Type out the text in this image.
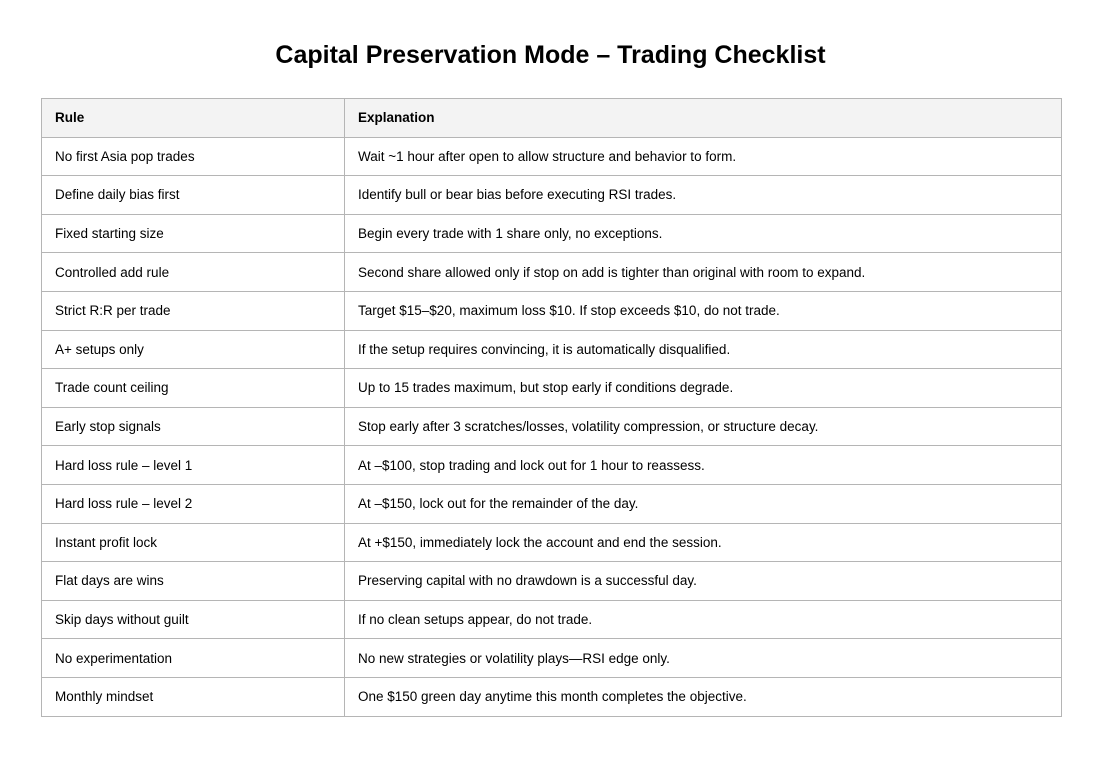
Capital Preservation Mode – Trading Checklist
Rule	Explanation
No first Asia pop trades	Wait ~1 hour after open to allow structure and behavior to form.
Define daily bias first	Identify bull or bear bias before executing RSI trades.
Fixed starting size	Begin every trade with 1 share only, no exceptions.
Controlled add rule	Second share allowed only if stop on add is tighter than original with room to expand.
Strict R:R per trade	Target $15–$20, maximum loss $10. If stop exceeds $10, do not trade.
A+ setups only	If the setup requires convincing, it is automatically disqualified.
Trade count ceiling	Up to 15 trades maximum, but stop early if conditions degrade.
Early stop signals	Stop early after 3 scratches/losses, volatility compression, or structure decay.
Hard loss rule – level 1	At –$100, stop trading and lock out for 1 hour to reassess.
Hard loss rule – level 2	At –$150, lock out for the remainder of the day.
Instant profit lock	At +$150, immediately lock the account and end the session.
Flat days are wins	Preserving capital with no drawdown is a successful day.
Skip days without guilt	If no clean setups appear, do not trade.
No experimentation	No new strategies or volatility plays—RSI edge only.
Monthly mindset	One $150 green day anytime this month completes the objective.
